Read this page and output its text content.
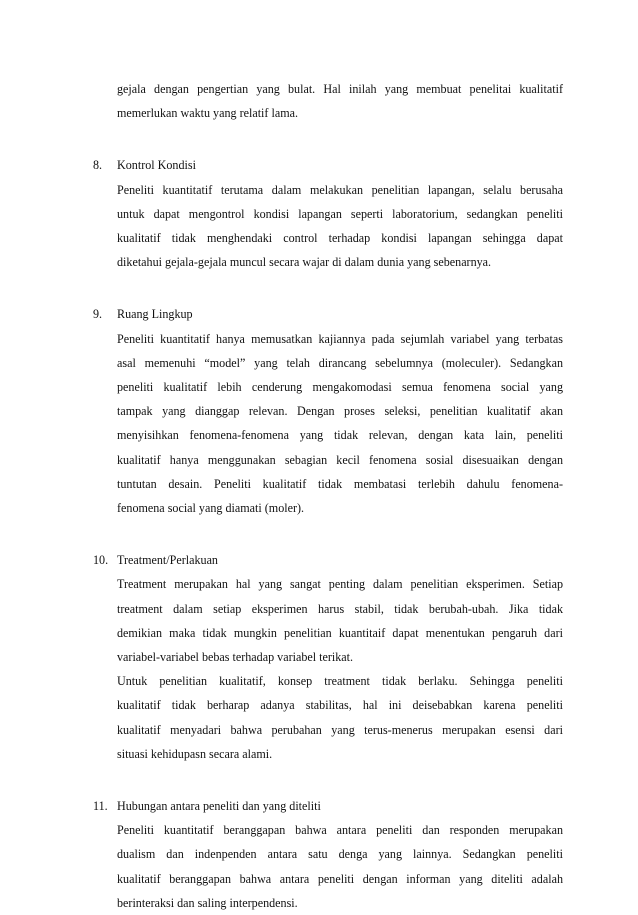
gejala dengan pengertian yang bulat. Hal inilah yang membuat penelitai kualitatif

memerlukan waktu yang relatif lama.

8.	Kontrol Kondisi

Peneliti kuantitatif terutama dalam melakukan penelitian lapangan, selalu berusaha

untuk dapat mengontrol kondisi lapangan seperti laboratorium, sedangkan peneliti

kualitatif tidak menghendaki control terhadap kondisi lapangan sehingga dapat

diketahui gejala-gejala muncul secara wajar di dalam dunia yang sebenarnya.

9.	Ruang Lingkup

Peneliti kuantitatif hanya memusatkan kajiannya pada sejumlah variabel yang terbatas

asal memenuhi “model” yang telah dirancang sebelumnya (moleculer). Sedangkan

peneliti kualitatif lebih cenderung mengakomodasi semua fenomena social yang

tampak yang dianggap relevan. Dengan proses seleksi, penelitian kualitatif akan

menyisihkan fenomena-fenomena yang tidak relevan, dengan kata lain, peneliti

kualitatif hanya menggunakan sebagian kecil fenomena sosial disesuaikan dengan

tuntutan desain. Peneliti kualitatif tidak membatasi terlebih dahulu fenomena-

fenomena social yang diamati (moler).

10. Treatment/Perlakuan

Treatment merupakan hal yang sangat penting dalam penelitian eksperimen. Setiap

treatment dalam setiap eksperimen harus stabil, tidak berubah-ubah. Jika tidak

demikian maka tidak mungkin penelitian kuantitaif dapat menentukan pengaruh dari

variabel-variabel bebas terhadap variabel terikat.

Untuk penelitian kualitatif, konsep treatment tidak berlaku. Sehingga peneliti

kualitatif tidak berharap adanya stabilitas, hal ini deisebabkan karena peneliti

kualitatif menyadari bahwa perubahan yang terus-menerus merupakan esensi dari

situasi kehidupasn secara alami.

11. Hubungan antara peneliti dan yang diteliti

Peneliti kuantitatif beranggapan bahwa antara peneliti dan responden merupakan

dualism dan indenpenden antara satu denga yang lainnya. Sedangkan peneliti

kualitatif beranggapan bahwa antara peneliti dengan informan yang diteliti adalah

berinteraksi dan saling interpendensi.
